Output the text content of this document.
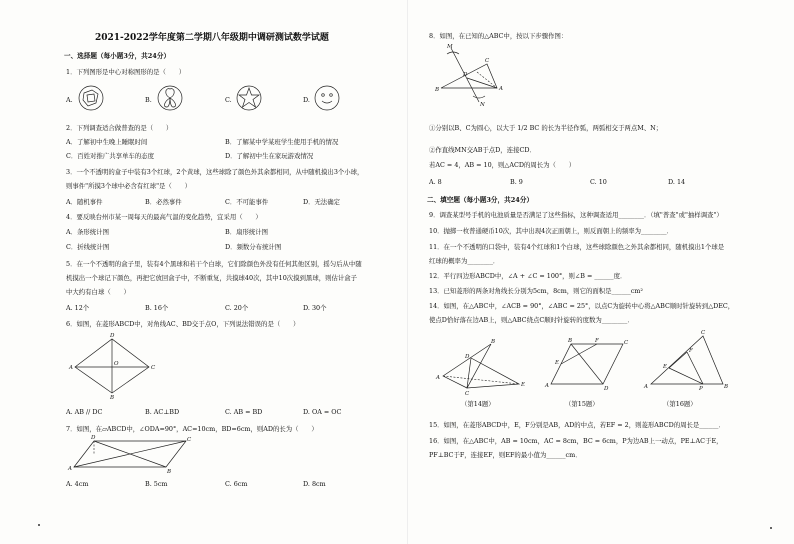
2021-2022学年度第二学期八年级期中调研测试数学试题
一、选择题（每小题3分，共24分）
1．下列图形是中心对称图形的是（　　）
A.	B.	C.	D.
2．下列调查适合做普查的是（　　）
A．了解初中生晚上睡眠时间	B．了解某中学某班学生使用手机的情况
C．百姓对推广共享单车的态度	D．了解初中生在家玩游戏情况
3．一个不透明的盒子中装有3个红球，2个黄球，这些球除了颜色外其余都相同，从中随机摸出3个小球，
则事件"所摸3个球中必含有红球"是（　　）
A．随机事件	B．必然事件	C．不可能事件	D．无法确定
4．要反映台州市某一周每天的最高气温的变化趋势，宜采用（　　）
A．条形统计图	B．扇形统计图
C．折线统计图	D．频数分布统计图
5．在一个不透明的盒子里，装有4个黑球和若干个白球，它们除颜色外没有任何其他区别，摇匀后从中随
机摸出一个球记下颜色，再把它放回盒子中，不断重复，共摸球40次，其中10次摸到黑球，则估计盒子
中大约有白球（　　）
A. 12个	B. 16个	C. 20个	D. 30个
6．如图，在菱形ABCD中，对角线AC、BD交于点O，下列说法错误的是（　　）
A
D
C
B
O
A. AB // DC	B. AC⊥BD	C. AB = BD	D. OA = OC
7．如图，在▱ABCD中，∠ODA=90°，AC=10cm，BD=6cm，则AD的长为（　　）
A
D	C
B
A. 4cm	B. 5cm	C. 6cm	D. 8cm
8．如图，在已知的△ABC中，按以下步骤作图：
B
C
A
M
N
D
①分别以B、C为圆心，以大于 1/2 BC 的长为半径作弧，两弧相交于两点M、N；
②作直线MN交AB于点D，连接CD．
若AC = 4，AB = 10，则△ACD的周长为（　　）
A. 8	B. 9	C. 10	D. 14
二、填空题（每小题3分，共24分）
9．调查某型号手机的电池质量是否满足了这些指标，这种调查适用________．（填"普查"或"抽样调查"）
10．抛掷一枚普通硬币10次，其中出现4次正面朝上，则反面朝上的频率为________．
11．在一个不透明的口袋中，装有4个红球和1个白球，这些球除颜色之外其余都相同，随机摸出1个球是
红球的概率为________．
12．平行四边形ABCD中，∠A + ∠C = 100°，则∠B = ______度．
13．已知菱形的两条对角线长分别为5cm，8cm，则它的面积是______cm²
14．如图，在△ABC中，∠ACB = 90°，∠ABC = 25°，以点C为旋转中心将△ABC顺时针旋转到△DEC，
使点D恰好落在边AB上，则△ABC绕点C顺时针旋转的度数为________．
A
B
C
D
E
（第14题）
A
B	C
D
E
F
（第15题）
A
C
B
E
F
P
（第16题）
15．如图，在菱形ABCD中，E，F分别是AB，AD的中点，若EF = 2，则菱形ABCD的周长是______．
16．如图，在△ABC中，AB = 10cm，AC = 8cm，BC = 6cm，P为边AB上一动点，PE⊥AC于E，
PF⊥BC于F，连接EF，则EF的最小值为______cm．
